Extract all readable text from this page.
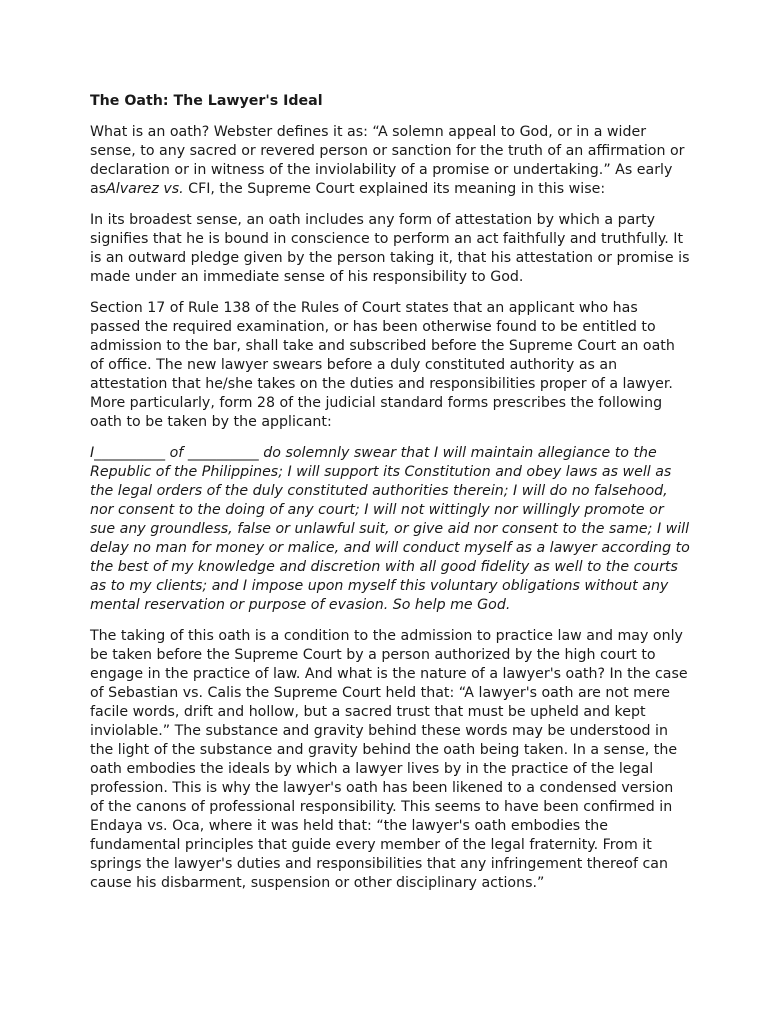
The Oath: The Lawyer's Ideal

What is an oath? Webster defines it as: “A solemn appeal to God, or in a wider sense, to any sacred or revered person or sanction for the truth of an affirmation or declaration or in witness of the inviolability of a promise or undertaking.” As early asAlvarez vs. CFI, the Supreme Court explained its meaning in this wise:

In its broadest sense, an oath includes any form of attestation by which a party signifies that he is bound in conscience to perform an act faithfully and truthfully. It is an outward pledge given by the person taking it, that his attestation or promise is made under an immediate sense of his responsibility to God.

Section 17 of Rule 138 of the Rules of Court states that an applicant who has passed the required examination, or has been otherwise found to be entitled to admission to the bar, shall take and subscribed before the Supreme Court an oath of office. The new lawyer swears before a duly constituted authority as an attestation that he/she takes on the duties and responsibilities proper of a lawyer. More particularly, form 28 of the judicial standard forms prescribes the following oath to be taken by the applicant:

I__________ of __________ do solemnly swear that I will maintain allegiance to the Republic of the Philippines; I will support its Constitution and obey laws as well as the legal orders of the duly constituted authorities therein; I will do no falsehood, nor consent to the doing of any court; I will not wittingly nor willingly promote or sue any groundless, false or unlawful suit, or give aid nor consent to the same; I will delay no man for money or malice, and will conduct myself as a lawyer according to the best of my knowledge and discretion with all good fidelity as well to the courts as to my clients; and I impose upon myself this voluntary obligations without any mental reservation or purpose of evasion. So help me God.

The taking of this oath is a condition to the admission to practice law and may only be taken before the Supreme Court by a person authorized by the high court to engage in the practice of law. And what is the nature of a lawyer's oath? In the case of Sebastian vs. Calis the Supreme Court held that: “A lawyer's oath are not mere facile words, drift and hollow, but a sacred trust that must be upheld and kept inviolable.” The substance and gravity behind these words may be understood in the light of the substance and gravity behind the oath being taken. In a sense, the oath embodies the ideals by which a lawyer lives by in the practice of the legal profession. This is why the lawyer's oath has been likened to a condensed version of the canons of professional responsibility. This seems to have been confirmed in Endaya vs. Oca, where it was held that: “the lawyer's oath embodies the fundamental principles that guide every member of the legal fraternity. From it springs the lawyer's duties and responsibilities that any infringement thereof can cause his disbarment, suspension or other disciplinary actions.”
